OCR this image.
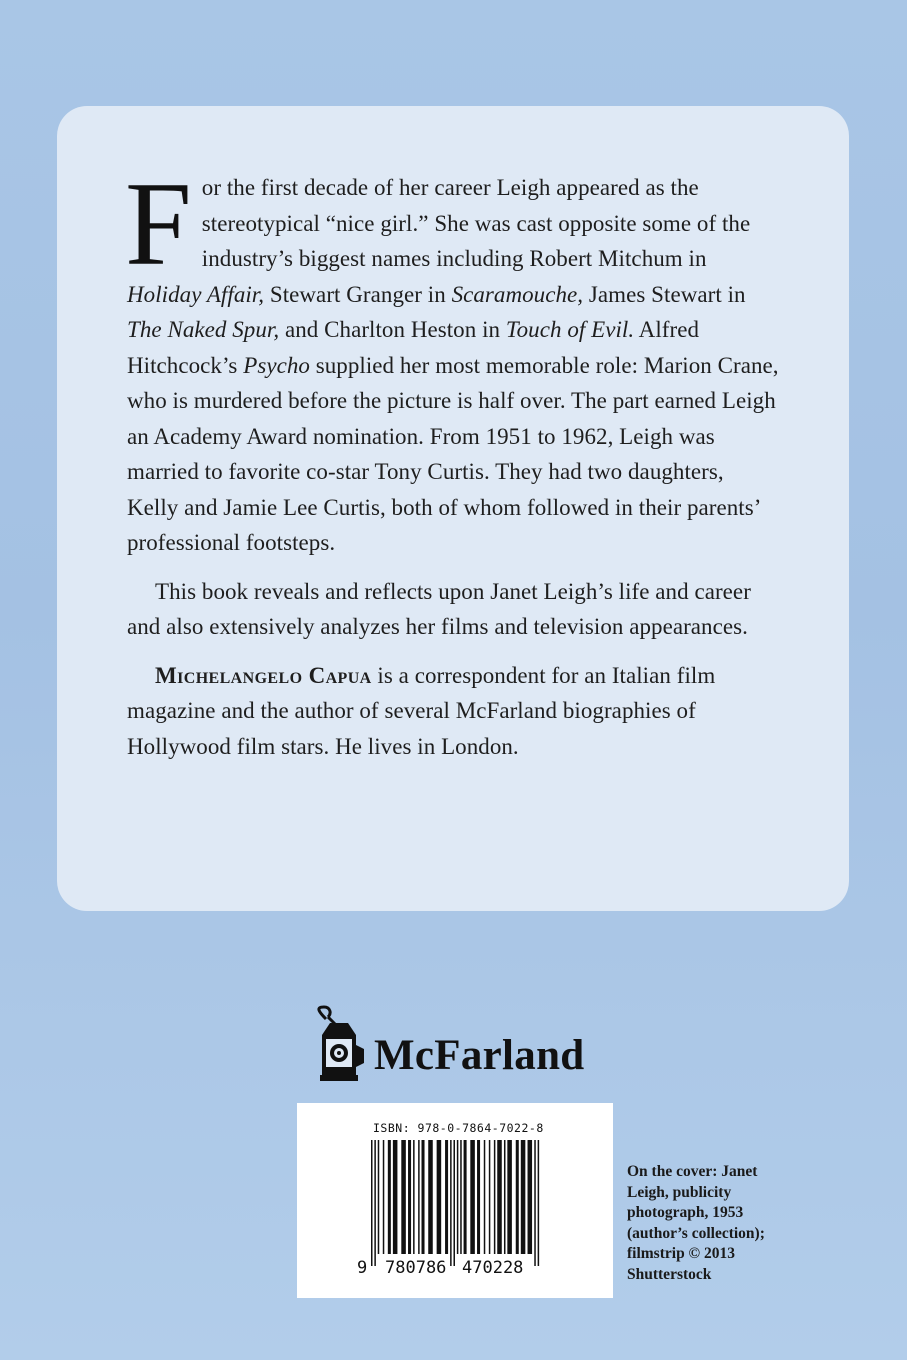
For the first decade of her career Leigh appeared as the stereotypical “nice girl.” She was cast opposite some of the industry’s biggest names including Robert Mitchum in Holiday Affair, Stewart Granger in Scaramouche, James Stewart in The Naked Spur, and Charlton Heston in Touch of Evil. Alfred Hitchcock’s Psycho supplied her most memorable role: Marion Crane, who is murdered before the picture is half over. The part earned Leigh an Academy Award nomination. From 1951 to 1962, Leigh was married to favorite co-star Tony Curtis. They had two daughters, Kelly and Jamie Lee Curtis, both of whom followed in their parents’ professional footsteps.

This book reveals and reflects upon Janet Leigh’s life and career and also extensively analyzes her films and television appearances.

Michelangelo Capua is a correspondent for an Italian film magazine and the author of several McFarland biographies of Hollywood film stars. He lives in London.

McFarland
ISBN: 978-0-7864-7022-8
9 780786 470228
On the cover: Janet Leigh, publicity photograph, 1953 (author’s collection); filmstrip © 2013 Shutterstock
